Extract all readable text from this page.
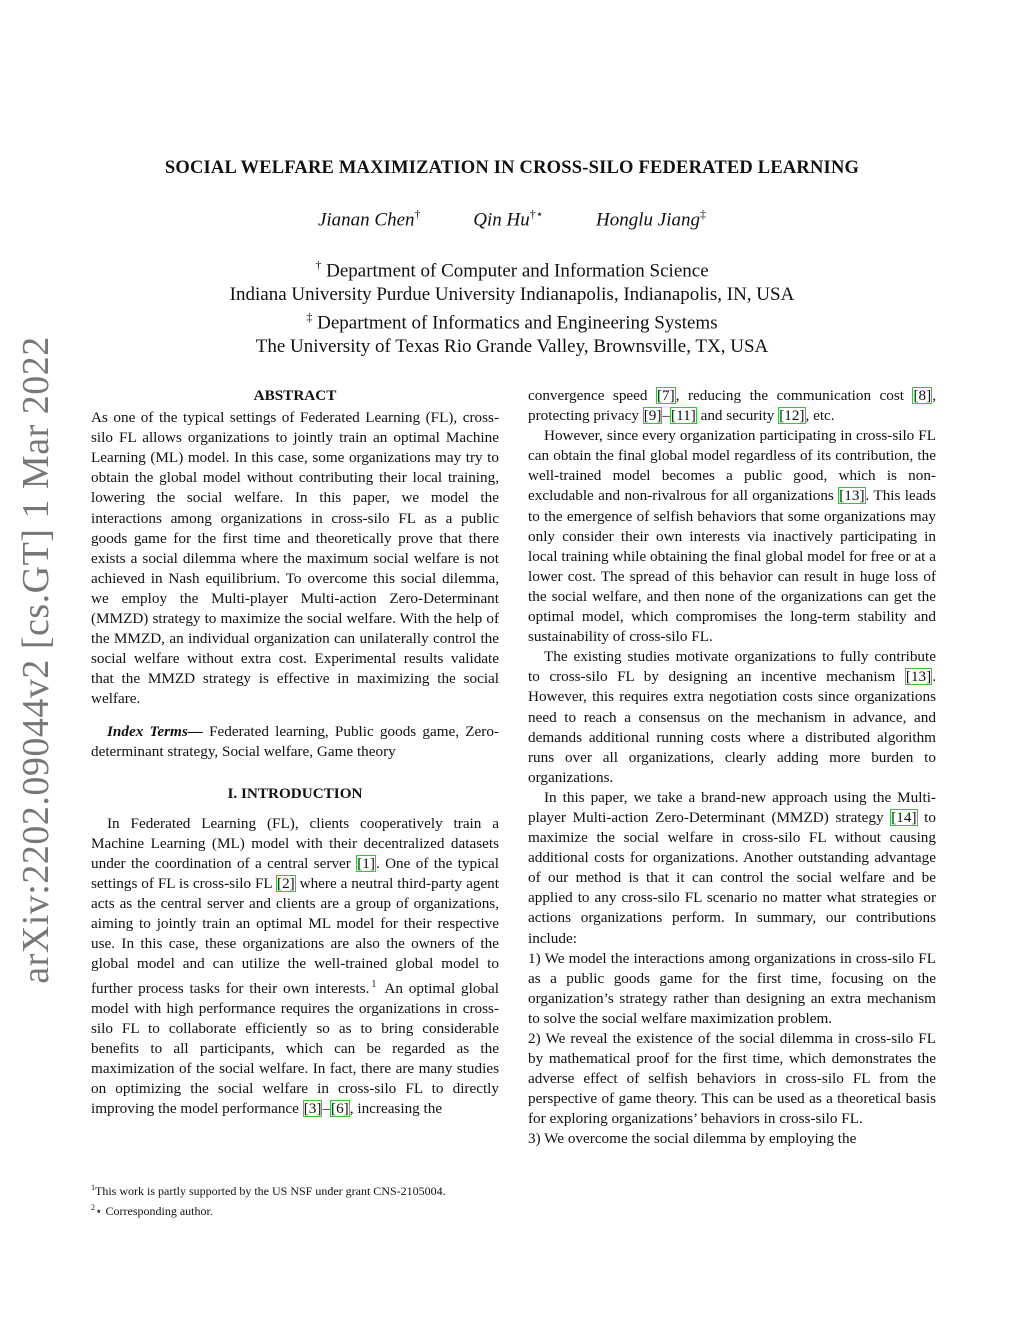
arXiv:2202.09044v2 [cs.GT] 1 Mar 2022
SOCIAL WELFARE MAXIMIZATION IN CROSS-SILO FEDERATED LEARNING
Jianan Chen†	Qin Hu†⋆	Honglu Jiang‡
† Department of Computer and Information Science
Indiana University Purdue University Indianapolis, Indianapolis, IN, USA
‡ Department of Informatics and Engineering Systems
The University of Texas Rio Grande Valley, Brownsville, TX, USA
ABSTRACT

As one of the typical settings of Federated Learning (FL), cross-silo FL allows organizations to jointly train an optimal Machine Learning (ML) model. In this case, some organizations may try to obtain the global model without contributing their local training, lowering the social welfare. In this paper, we model the interactions among organizations in cross-silo FL as a public goods game for the first time and theoretically prove that there exists a social dilemma where the maximum social welfare is not achieved in Nash equilibrium. To overcome this social dilemma, we employ the Multi-player Multi-action Zero-Determinant (MMZD) strategy to maximize the social welfare. With the help of the MMZD, an individual organization can unilaterally control the social welfare without extra cost. Experimental results validate that the MMZD strategy is effective in maximizing the social welfare.

Index Terms— Federated learning, Public goods game, Zero-determinant strategy, Social welfare, Game theory

I. INTRODUCTION

In Federated Learning (FL), clients cooperatively train a Machine Learning (ML) model with their decentralized datasets under the coordination of a central server [1]. One of the typical settings of FL is cross-silo FL [2] where a neutral third-party agent acts as the central server and clients are a group of organizations, aiming to jointly train an optimal ML model for their respective use. In this case, these organizations are also the owners of the global model and can utilize the well-trained global model to further process tasks for their own interests. $^1$ An optimal global model with high performance requires the organizations in cross-silo FL to collaborate efficiently so as to bring considerable benefits to all participants, which can be regarded as the maximization of the social welfare. In fact, there are many studies on optimizing the social welfare in cross-silo FL to directly improving the model performance [3]–[6], increasing the

$^1$This work is partly supported by the US NSF under grant CNS-2105004.
$^2$⋆ Corresponding author.

convergence speed [7], reducing the communication cost [8], protecting privacy [9]–[11] and security [12], etc.

However, since every organization participating in cross-silo FL can obtain the final global model regardless of its contribution, the well-trained model becomes a public good, which is non-excludable and non-rivalrous for all organizations [13]. This leads to the emergence of selfish behaviors that some organizations may only consider their own interests via inactively participating in local training while obtaining the final global model for free or at a lower cost. The spread of this behavior can result in huge loss of the social welfare, and then none of the organizations can get the optimal model, which compromises the long-term stability and sustainability of cross-silo FL.

The existing studies motivate organizations to fully contribute to cross-silo FL by designing an incentive mechanism [13]. However, this requires extra negotiation costs since organizations need to reach a consensus on the mechanism in advance, and demands additional running costs where a distributed algorithm runs over all organizations, clearly adding more burden to organizations.

In this paper, we take a brand-new approach using the Multi-player Multi-action Zero-Determinant (MMZD) strategy [14] to maximize the social welfare in cross-silo FL without causing additional costs for organizations. Another outstanding advantage of our method is that it can control the social welfare and be applied to any cross-silo FL scenario no matter what strategies or actions organizations perform. In summary, our contributions include:

1) We model the interactions among organizations in cross-silo FL as a public goods game for the first time, focusing on the organization’s strategy rather than designing an extra mechanism to solve the social welfare maximization problem.

2) We reveal the existence of the social dilemma in cross-silo FL by mathematical proof for the first time, which demonstrates the adverse effect of selfish behaviors in cross-silo FL from the perspective of game theory. This can be used as a theoretical basis for exploring organizations’ behaviors in cross-silo FL.

3) We overcome the social dilemma by employing the
